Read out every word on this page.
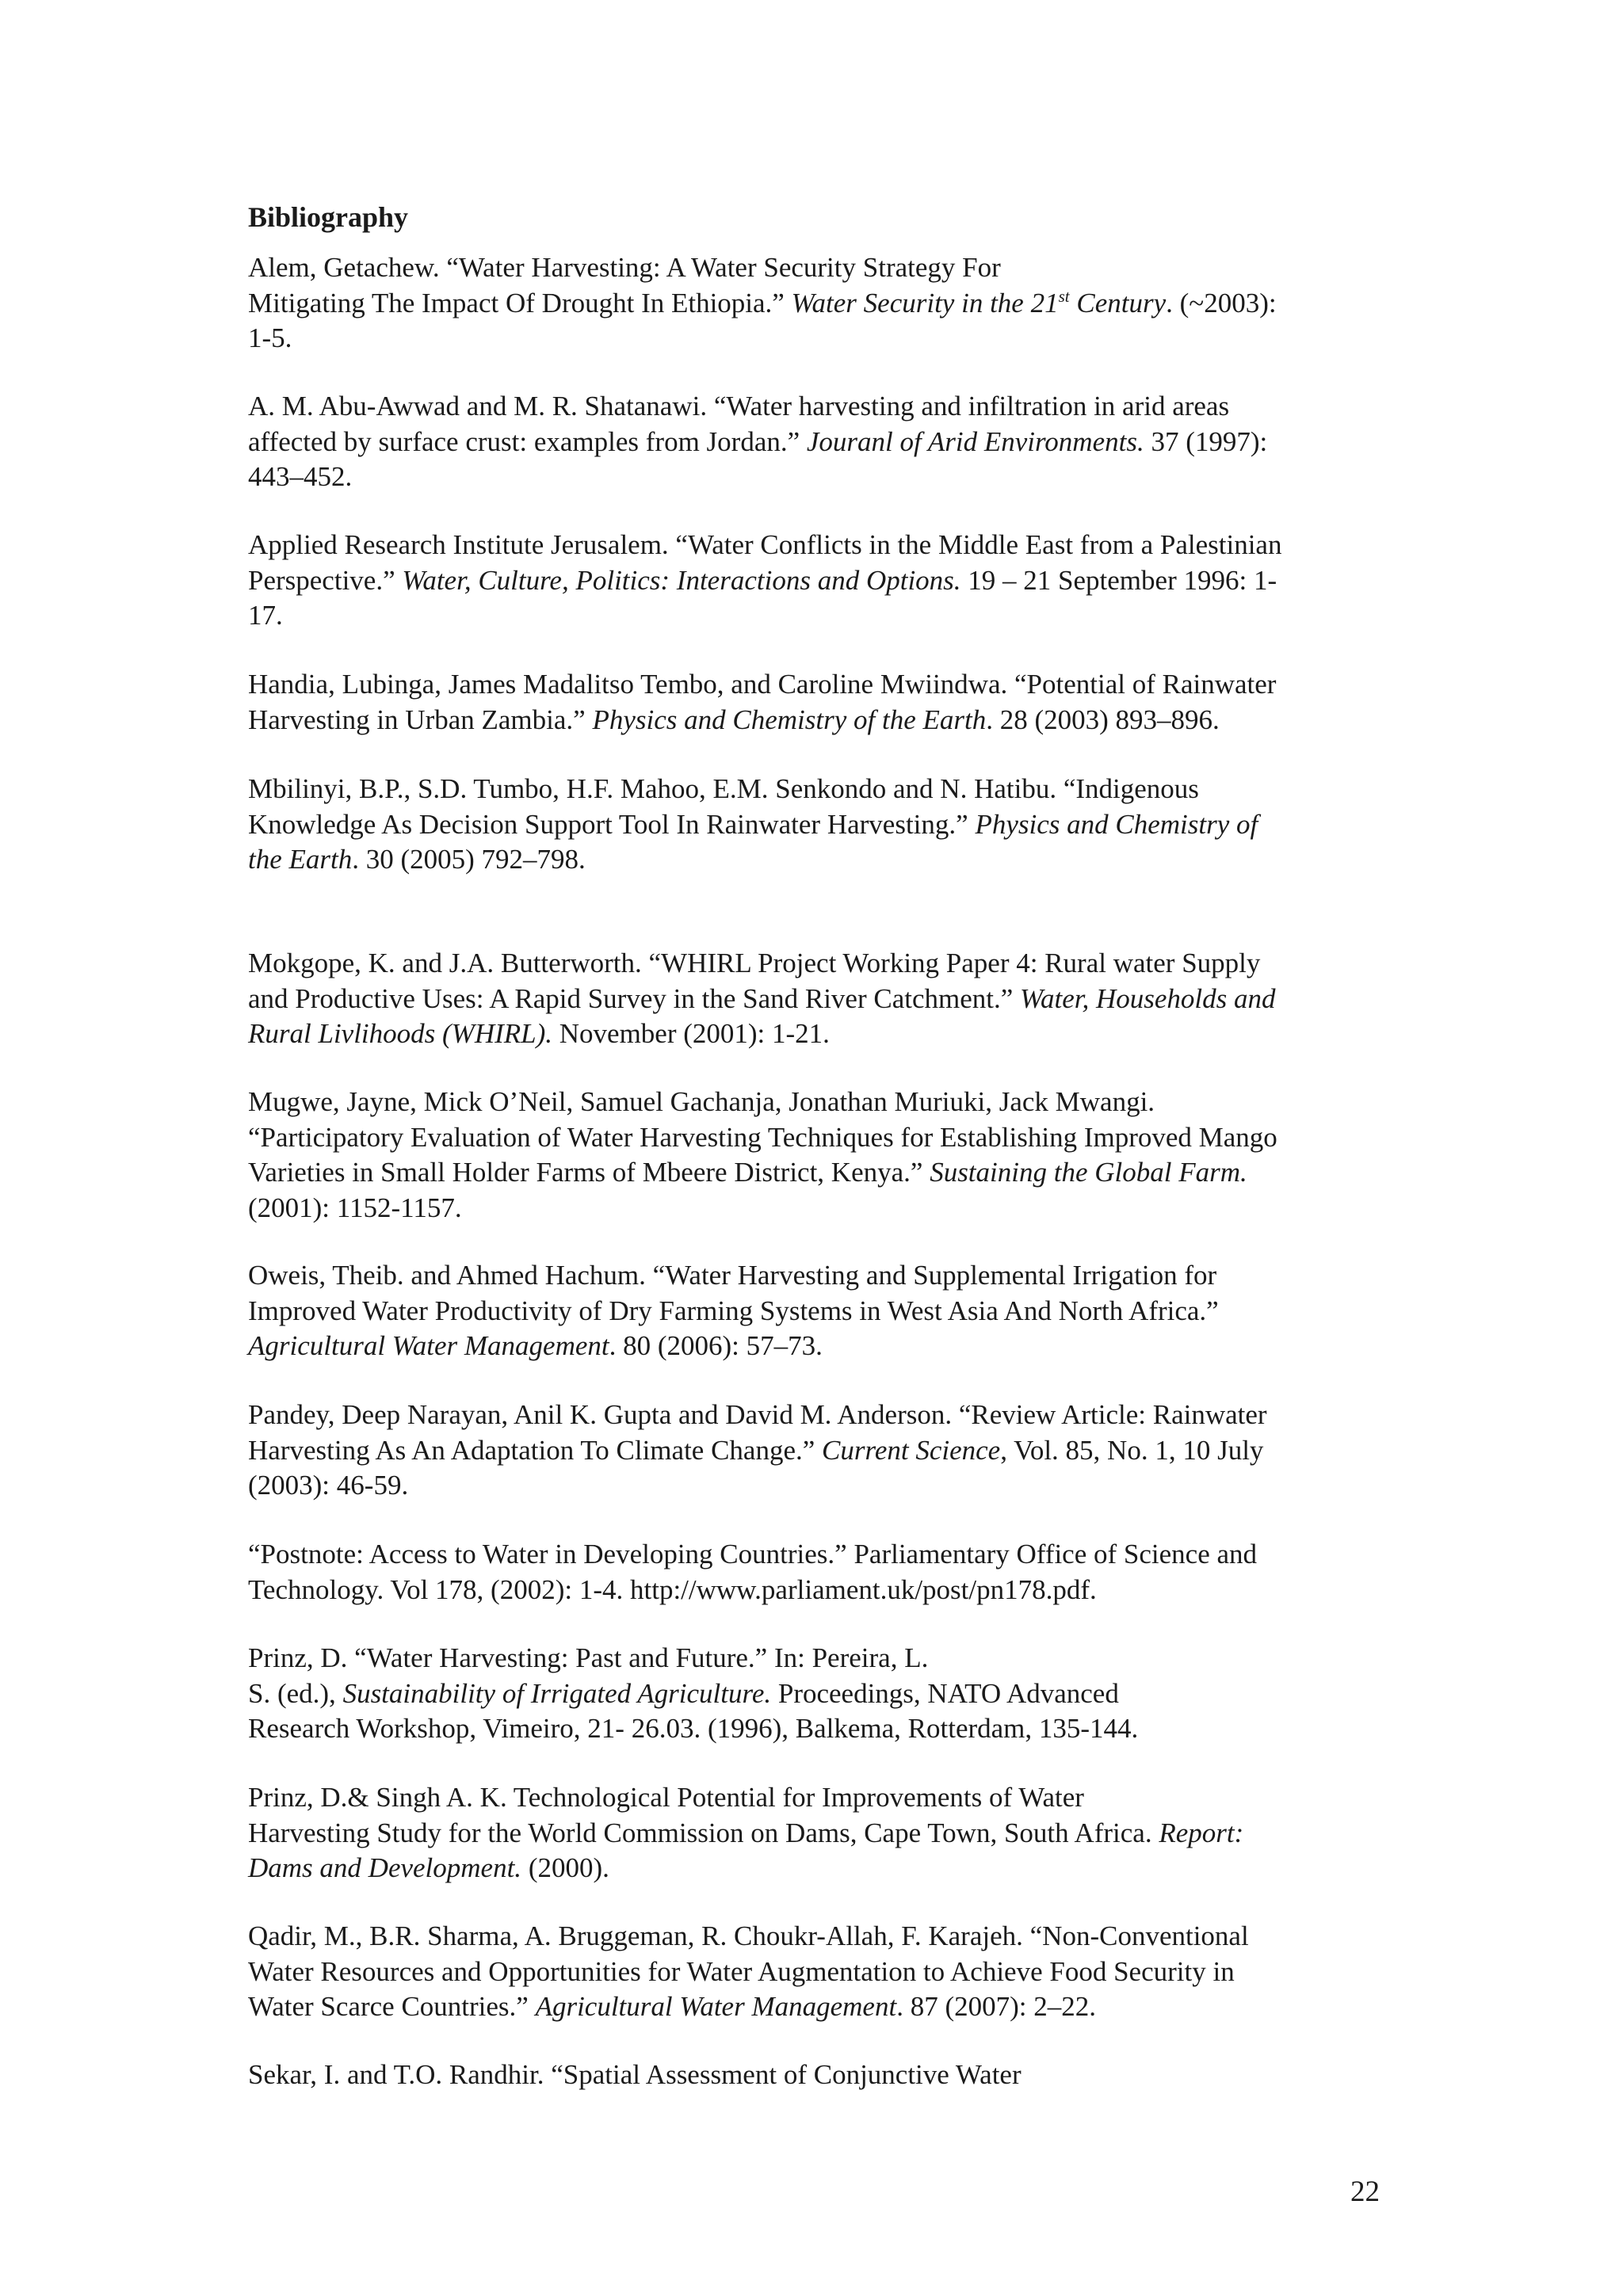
Bibliography

Alem, Getachew. “Water Harvesting: A Water Security Strategy For
Mitigating The Impact Of Drought In Ethiopia.” Water Security in the 21st Century. (~2003):
1-5.

A. M. Abu-Awwad and M. R. Shatanawi. “Water harvesting and infiltration in arid areas
affected by surface crust: examples from Jordan.” Jouranl of Arid Environments. 37 (1997):
443–452.

Applied Research Institute Jerusalem. “Water Conflicts in the Middle East from a Palestinian
Perspective.” Water, Culture, Politics: Interactions and Options. 19 – 21 September 1996: 1-
17.

Handia, Lubinga, James Madalitso Tembo, and Caroline Mwiindwa. “Potential of Rainwater
Harvesting in Urban Zambia.” Physics and Chemistry of the Earth. 28 (2003) 893–896.

Mbilinyi, B.P., S.D. Tumbo, H.F. Mahoo, E.M. Senkondo and N. Hatibu. “Indigenous
Knowledge As Decision Support Tool In Rainwater Harvesting.” Physics and Chemistry of
the Earth. 30 (2005) 792–798.

Mokgope, K. and J.A. Butterworth. “WHIRL Project Working Paper 4: Rural water Supply
and Productive Uses: A Rapid Survey in the Sand River Catchment.” Water, Households and
Rural Livlihoods (WHIRL). November (2001): 1-21.

Mugwe, Jayne, Mick O’Neil, Samuel Gachanja, Jonathan Muriuki, Jack Mwangi.
“Participatory Evaluation of Water Harvesting Techniques for Establishing Improved Mango
Varieties in Small Holder Farms of Mbeere District, Kenya.” Sustaining the Global Farm.
(2001): 1152-1157.

Oweis, Theib. and Ahmed Hachum. “Water Harvesting and Supplemental Irrigation for
Improved Water Productivity of Dry Farming Systems in West Asia And North Africa.”
Agricultural Water Management. 80 (2006): 57–73.

Pandey, Deep Narayan, Anil K. Gupta and David M. Anderson. “Review Article: Rainwater
Harvesting As An Adaptation To Climate Change.” Current Science, Vol. 85, No. 1, 10 July
(2003): 46-59.

“Postnote: Access to Water in Developing Countries.” Parliamentary Office of Science and
Technology. Vol 178, (2002): 1-4. http://www.parliament.uk/post/pn178.pdf.

Prinz, D. “Water Harvesting: Past and Future.” In: Pereira, L.
S. (ed.), Sustainability of Irrigated Agriculture. Proceedings, NATO Advanced
Research Workshop, Vimeiro, 21- 26.03. (1996), Balkema, Rotterdam, 135-144.

Prinz, D.& Singh A. K. Technological Potential for Improvements of Water
Harvesting Study for the World Commission on Dams, Cape Town, South Africa. Report:
Dams and Development. (2000).

Qadir, M., B.R. Sharma, A. Bruggeman, R. Choukr-Allah, F. Karajeh. “Non-Conventional
Water Resources and Opportunities for Water Augmentation to Achieve Food Security in
Water Scarce Countries.” Agricultural Water Management. 87 (2007): 2–22.

Sekar, I. and T.O. Randhir. “Spatial Assessment of Conjunctive Water

22
